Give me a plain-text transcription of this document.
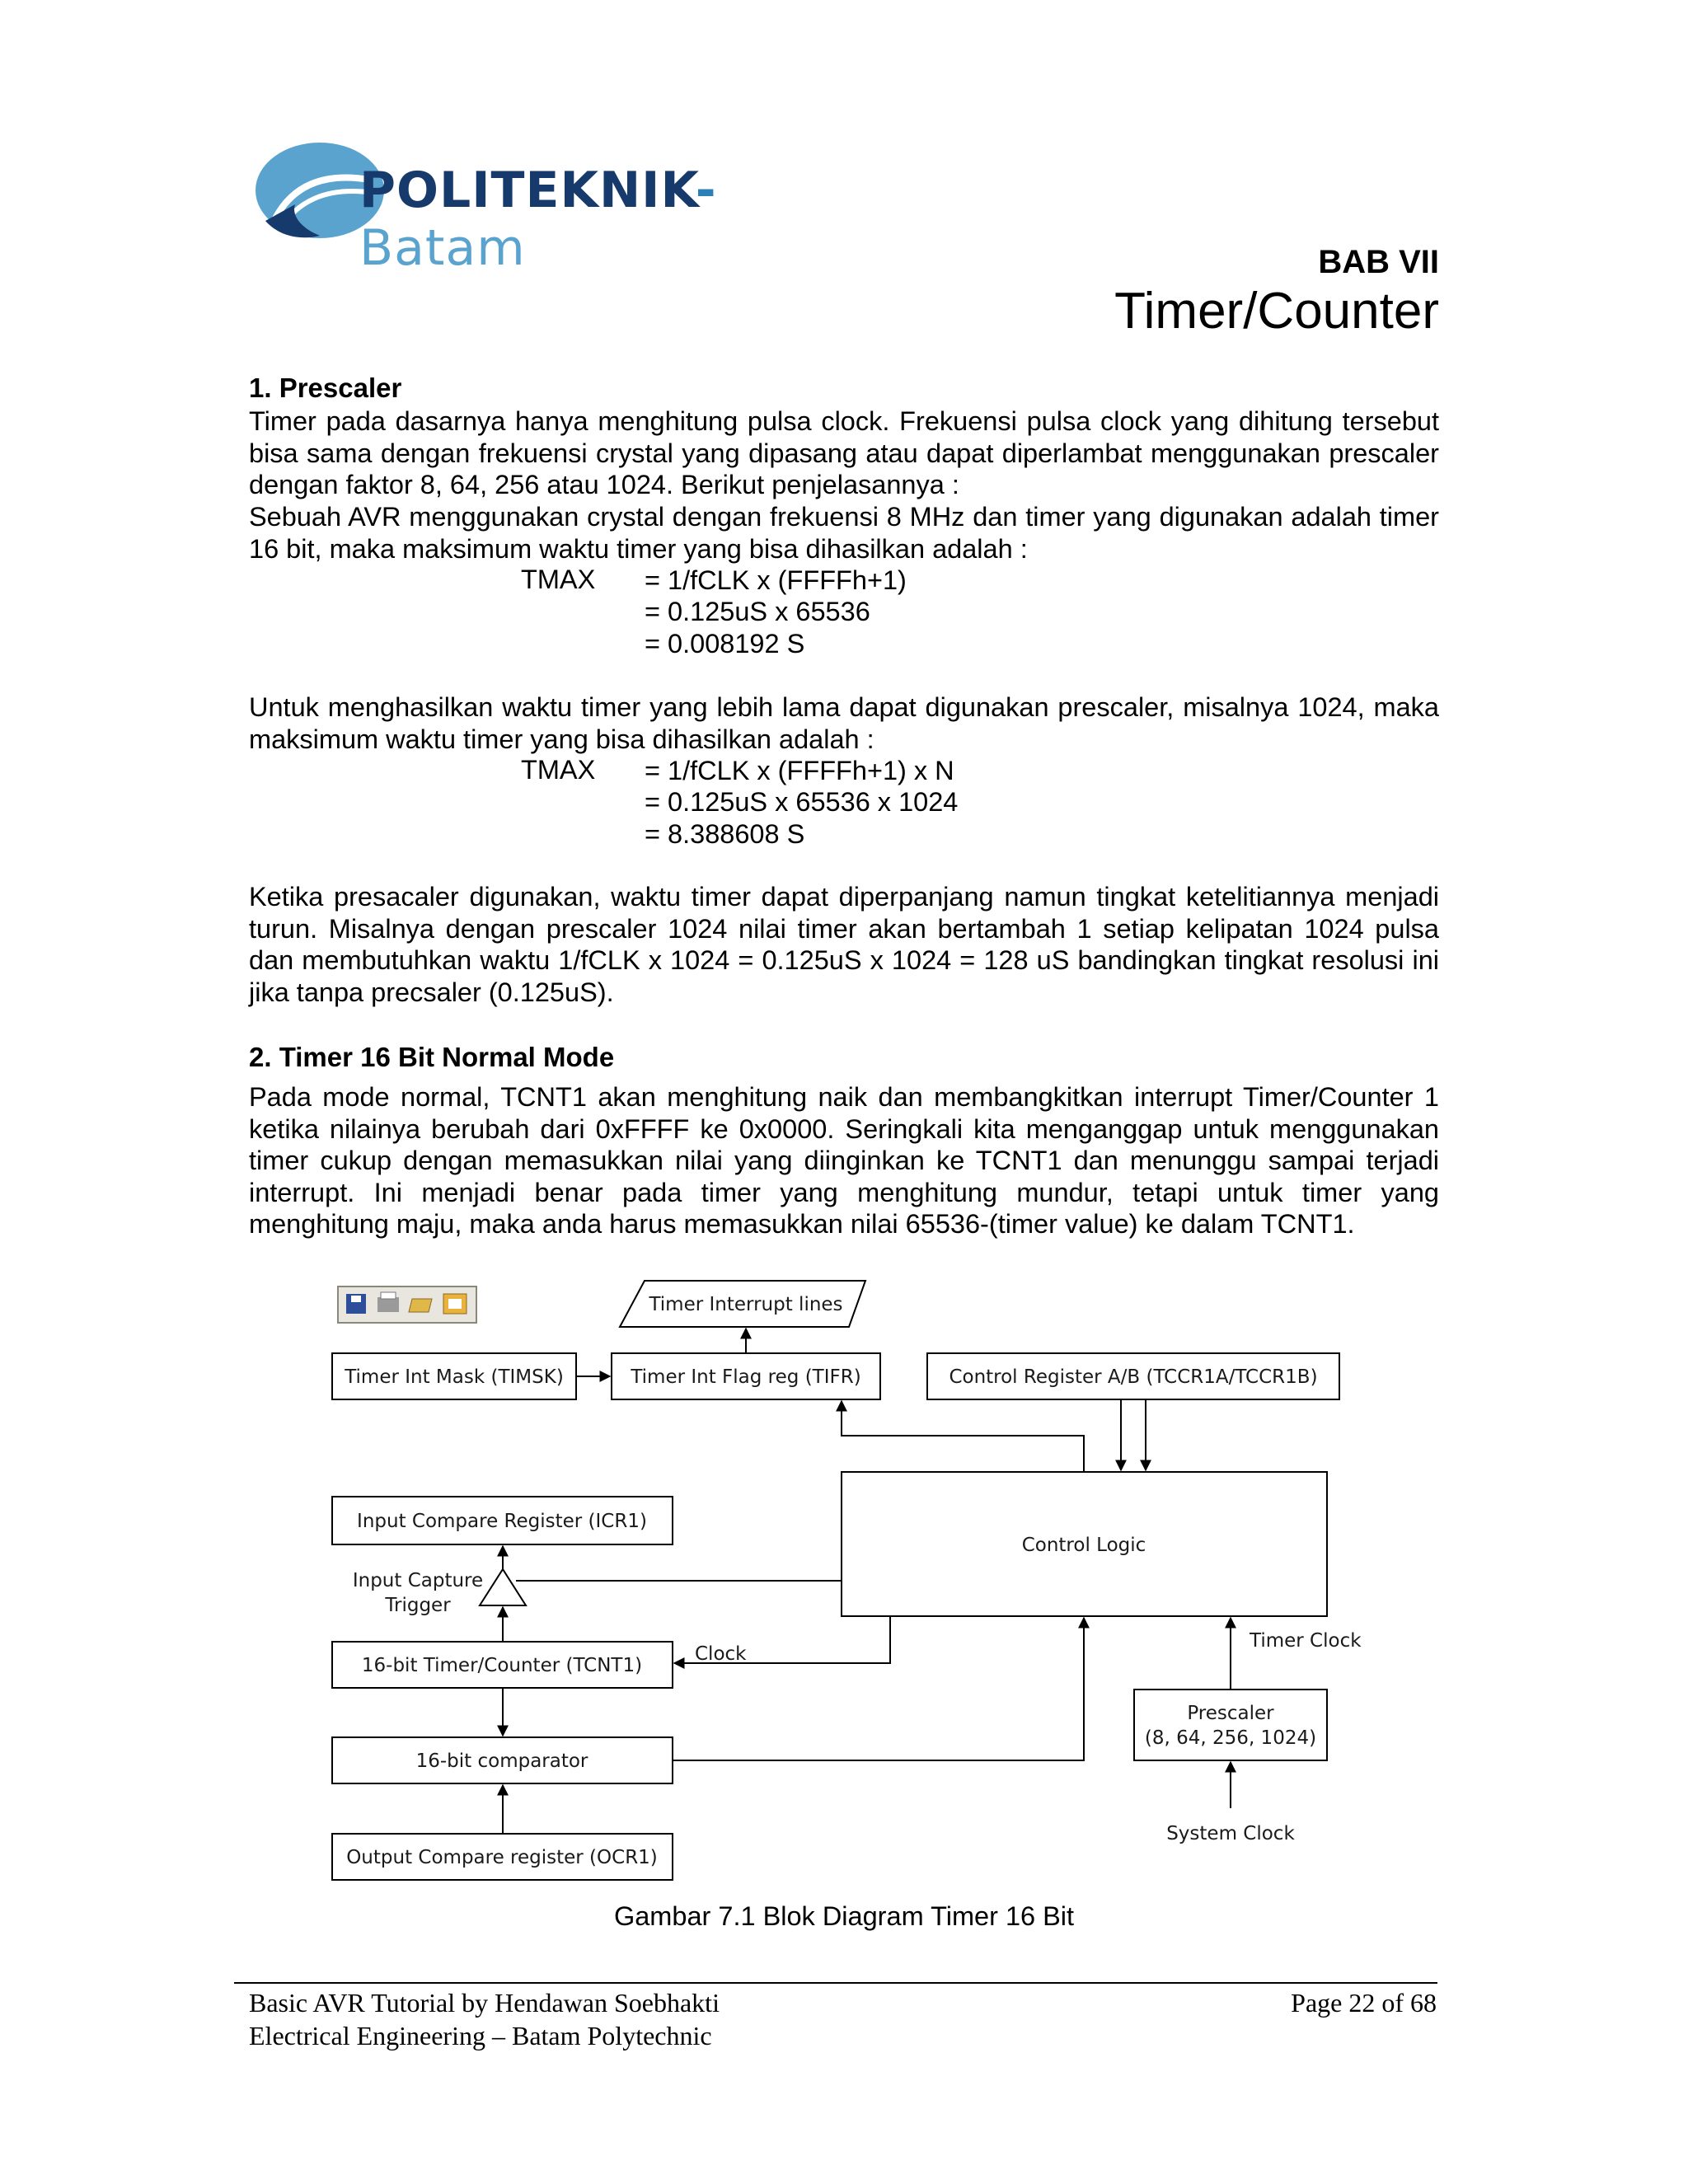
POLITEKNIK-Batam	BAB VII
Timer/Counter
1. Prescaler
Timer pada dasarnya hanya menghitung pulsa clock. Frekuensi pulsa clock yang dihitung tersebut bisa sama dengan frekuensi crystal yang dipasang atau dapat diperlambat menggunakan prescaler dengan faktor 8, 64, 256 atau 1024. Berikut penjelasannya :
Sebuah AVR menggunakan crystal dengan frekuensi 8 MHz dan timer yang digunakan adalah timer 16 bit, maka maksimum waktu timer yang bisa dihasilkan adalah :
TMAX = 1/fCLK x (FFFFh+1)
= 0.125uS x 65536
= 0.008192 S
Untuk menghasilkan waktu timer yang lebih lama dapat digunakan prescaler, misalnya 1024, maka maksimum waktu timer yang bisa dihasilkan adalah :
TMAX = 1/fCLK x (FFFFh+1) x N
= 0.125uS x 65536 x 1024
= 8.388608 S
Ketika presacaler digunakan, waktu timer dapat diperpanjang namun tingkat ketelitiannya menjadi turun. Misalnya dengan prescaler 1024 nilai timer akan bertambah 1 setiap kelipatan 1024 pulsa dan membutuhkan waktu 1/fCLK x 1024 = 0.125uS x 1024 = 128 uS bandingkan tingkat resolusi ini jika tanpa precsaler (0.125uS).
2. Timer 16 Bit Normal Mode
Pada mode normal, TCNT1 akan menghitung naik dan membangkitkan interrupt Timer/Counter 1 ketika nilainya berubah dari 0xFFFF ke 0x0000. Seringkali kita menganggap untuk menggunakan timer cukup dengan memasukkan nilai yang diinginkan ke TCNT1 dan menunggu sampai terjadi interrupt. Ini menjadi benar pada timer yang menghitung mundur, tetapi untuk timer yang menghitung maju, maka anda harus memasukkan nilai 65536-(timer value) ke dalam TCNT1.
Timer Interrupt lines
Timer Int Mask (TIMSK)	Timer Int Flag reg (TIFR)	Control Register A/B (TCCR1A/TCCR1B)
Control Logic
Input Compare Register (ICR1)
Input Capture
Trigger
16-bit Timer/Counter (TCNT1)
16-bit comparator
Output Compare register (OCR1)
Prescaler
(8, 64, 256, 1024)
Clock
Timer Clock
System Clock
Gambar 7.1 Blok Diagram Timer 16 Bit
Basic AVR Tutorial by Hendawan Soebhakti
Electrical Engineering – Batam Polytechnic
Page 22 of 68
